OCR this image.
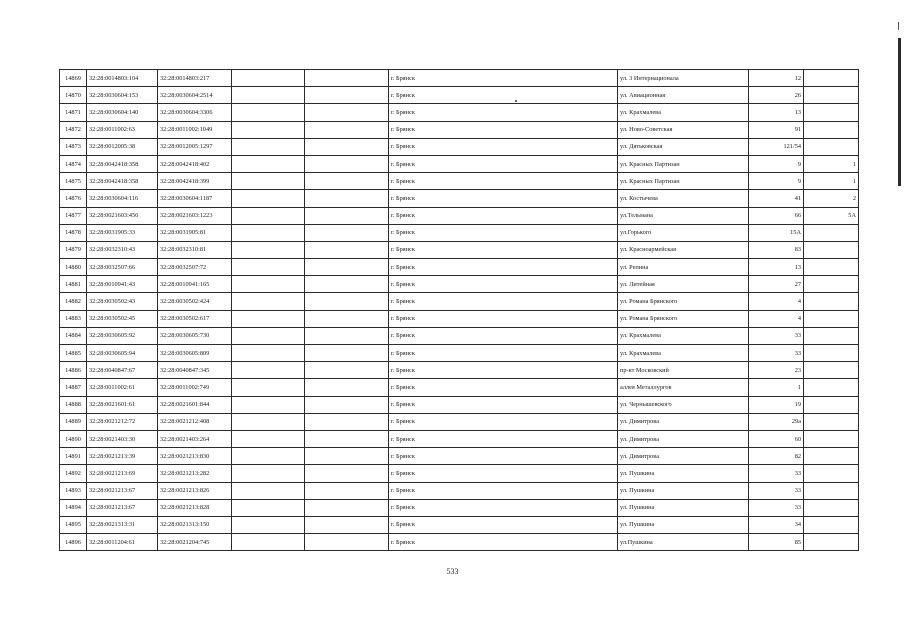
14869	32:28:0014803:104	32:28:0014803:217			г. Брянск	ул. 3 Интернационала	12		
14870	32:28:0030604:153	32:28:0030604:2514			г. Брянск	ул. Авиационная	26		
14871	32:28:0030604:140	32:28:0030604:3306			г. Брянск	ул. Крахмалева	13		
14872	32:28:0011002:63	32:28:0011002:1049			г. Брянск	ул. Ново-Советская	91		
14873	32:28:0012005:38	32:28:0012005:1297			г. Брянск	ул. Дятьковская	121/54		
14874	32:28:0042418:358	32:28:0042418:402			г. Брянск	ул. Красных Партизан	9	1	
14875	32:28:0042418:358	32:28:0042418:399			г. Брянск	ул. Красных Партизан	9	1	
14876	32:28:0030604:116	32:28:0030604:1187			г. Брянск	ул. Костычева	41	2	
14877	32:28:0021603:456	32:28:0021603:1223			г. Брянск	ул.Тельмана	66	5A	
14878	32:28:0031905:33	32:28:0031905:81			г. Брянск	ул.Горького	15A		
14879	32:28:0032310:43	32:28:0032310:81			г. Брянск	ул. Красноармейская	83		
14880	32:28:0032507:66	32:28:0032507:72			г. Брянск	ул. Репина	13		
14881	32:28:0010941:43	32:28:0010941:165			г. Брянск	ул. Литейная	27		
14882	32:28:0030502:43	32:28:0030502:424			г. Брянск	ул. Романа Брянского	4		
14883	32:28:0030502:45	32:28:0030502:617			г. Брянск	ул. Романа Брянского	4		
14884	32:28:0030605:92	32:28:0030605:730			г. Брянск	ул. Крахмалева	33		
14885	32:28:0030605:94	32:28:0030605:809			г. Брянск	ул. Крахмалева	33		
14886	32:28:0040847:67	32:28:0040847:345			г. Брянск	пр-кт Московский	23		
14887	32:28:0011002:61	32:28:0011002:749			г. Брянск	аллея Металлургов	1		
14888	32:28:0021601:61	32:28:0021601:844			г. Брянск	ул. Чернышевского	19		
14889	32:28:0021212:72	32:28:0021212:408			г. Брянск	ул. Димитрова	29а		
14890	32:28:0021403:30	32:28:0021403:264			г. Брянск	ул. Димитрова	60		
14891	32:28:0021213:39	32:28:0021213:830			г. Брянск	ул. Димитрова	82		
14892	32:28:0021213:69	32:28:0021213:282			г. Брянск	ул. Пушкина	33		
14893	32:28:0021213:67	32:28:0021213:826			г. Брянск	ул. Пушкина	33		
14894	32:28:0021213:67	32:28:0021213:828			г. Брянск	ул. Пушкина	33		
14895	32:28:0021313:31	32:28:0021313:150			г. Брянск	ул. Пушкина	34		
14896	32:28:0011204:61	32:28:0021204:745			г. Брянск	ул.Пушкина	85		
533
